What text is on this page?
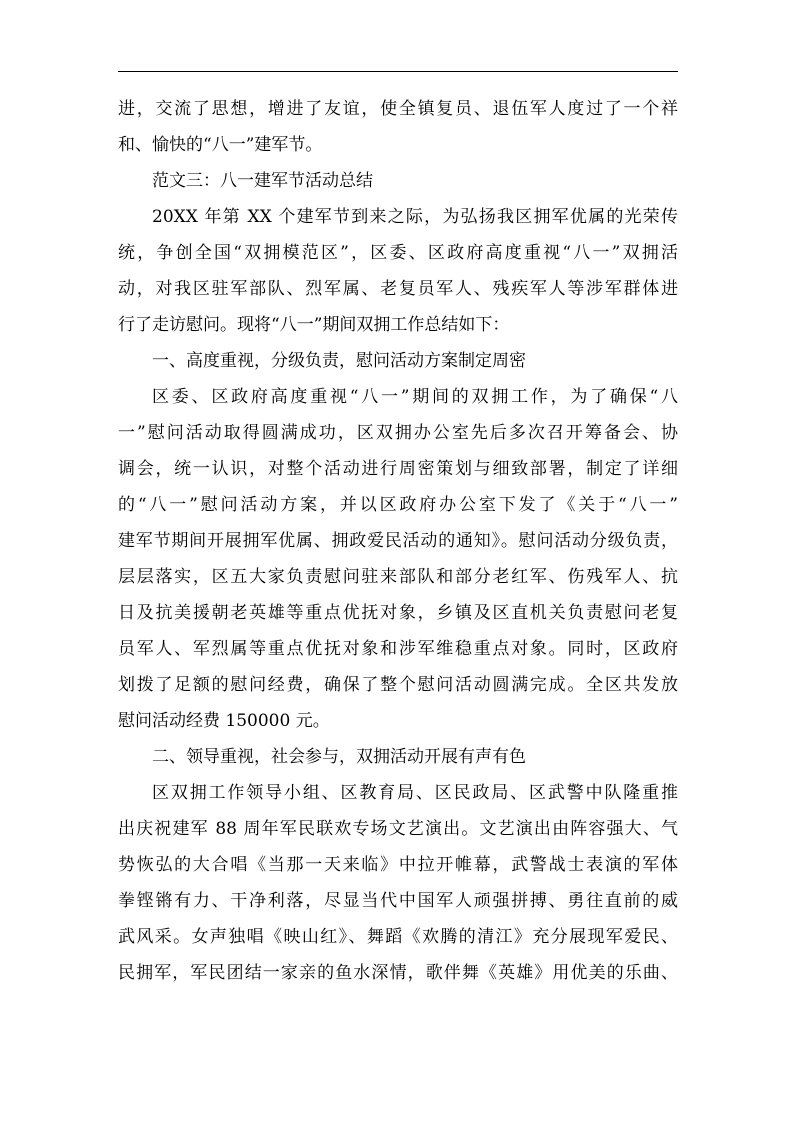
进，交流了思想，增进了友谊，使全镇复员、退伍军人度过了一个祥
和、愉快的“八一”建军节。
范文三：八一建军节活动总结
20XX 年第 XX 个建军节到来之际，为弘扬我区拥军优属的光荣传
统，争创全国“双拥模范区”，区委、区政府高度重视“八一”双拥活
动，对我区驻军部队、烈军属、老复员军人、残疾军人等涉军群体进
行了走访慰问。现将“八一”期间双拥工作总结如下：
一、高度重视，分级负责，慰问活动方案制定周密
区委、区政府高度重视“八一”期间的双拥工作，为了确保“八
一”慰问活动取得圆满成功，区双拥办公室先后多次召开筹备会、协
调会，统一认识，对整个活动进行周密策划与细致部署，制定了详细
的“八一”慰问活动方案，并以区政府办公室下发了《关于“八一”
建军节期间开展拥军优属、拥政爱民活动的通知》。慰问活动分级负责，
层层落实，区五大家负责慰问驻来部队和部分老红军、伤残军人、抗
日及抗美援朝老英雄等重点优抚对象，乡镇及区直机关负责慰问老复
员军人、军烈属等重点优抚对象和涉军维稳重点对象。同时，区政府
划拨了足额的慰问经费，确保了整个慰问活动圆满完成。全区共发放
慰问活动经费 150000 元。
二、领导重视，社会参与，双拥活动开展有声有色
区双拥工作领导小组、区教育局、区民政局、区武警中队隆重推
出庆祝建军 88 周年军民联欢专场文艺演出。文艺演出由阵容强大、气
势恢弘的大合唱《当那一天来临》中拉开帷幕，武警战士表演的军体
拳铿锵有力、干净利落，尽显当代中国军人顽强拼搏、勇往直前的威
武风采。女声独唱《映山红》、舞蹈《欢腾的清江》充分展现军爱民、
民拥军，军民团结一家亲的鱼水深情，歌伴舞《英雄》用优美的乐曲、
